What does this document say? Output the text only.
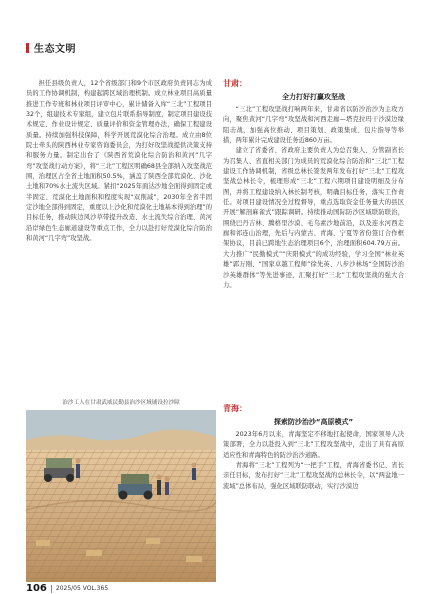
生态文明

担任县级负责人，12个省级部门和9个市区政府负责同志为成员的工作协调机制，构建起跨区域治理机制。成立林业项目高质量推进工作专班和林业项目评审中心，累计储备入库“三北”工程项目32个，组建技术专家组，建立包片联系指导制度，制定项目建设技术规定、作业设计规定、质量评价和资金管理办法，确保工程建设质量。持续加强科技保障，科学开展荒漠化综合治理。成立由8位院士牵头的陕西林业专家咨询委员会，为打好攻坚战提供决策支持和服务力量。制定出台了《陕西省荒漠化综合防治和黄河“几字弯”攻坚战行动方案》，将“三北”工程区明确68县全部纳入攻坚战范围，治理区占全省土地面积50.5%，涵盖了陕西全部荒漠化、沙化土地和70%水土流失区域。紧扣“2025年面达沙地全面得到固定或半固定、荒漠化土地面积和程度实现“双削减”，2030年全省半固定沙地全部得到固定，重度以上沙化和荒漠化土地基本得到治理”的目标任务，推动陕边风沙草带提升改造、水土流失综合治理、黄河沿岸绿色生态廊道建设等重点工作，全力以赴打好荒漠化综合防治和黄河“几字弯”攻坚战。

甘肃：
全力打好打赢攻坚战

“三北”工程攻坚战打响两年来，甘肃省以防沙治沙为主攻方向，聚焦黄河“几字弯”攻坚战和河西走廊—塔克拉玛干沙漠边缘阻击战，加强高位推动、项目策划、政策集成、包片指导等举措，两年累计完成建设任务近860万亩。

建立了省委省、省政府主要负责人为总召集人、分管副省长为召集人、省直相关部门为成员的荒漠化综合防治和“三北”工程建设工作协调机制，省级总林长签发两年发布打好“三北”工程攻坚战总林长令，梳理形成“三北”工程六期项目建设明细及分布图，并将工程建设纳入林长制考核，明确目标任务，落实工作责任。对项目建设情况全过程督导，重点选取资金任务量大的县区开展“解剖麻雀式”跟踪调研。持续推动国际防沙区域联防联治，围绕巴丹吉林、腾格里沙漠、毛乌素沙地前沿，以及连水河西走廊和祁连山治理，先后与内蒙古、青海、宁夏等省份签订合作框架协议，目前已跨地生态治理项目6个，治理面积604.79万亩。大力推广“民勤模式”“庆阳模式”的成功经验，学习全国“林业英雄”郭万刚、“国家卓越工程师”徐先英、八步沙林场“全国防沙治沙英雄群体”等先进事迹，汇聚打好“三北”工程攻坚战的强大合力。

青海：
探索防沙治沙“高原模式”

2023年6月以来，青海坚定不移地扛起使命，国家领导人决策部署，全力以赴投入到“三北”工程攻坚战中，走出了具有高原适应性和青海特色的防沙治沙道路。

青海将“三北”工程列为“一把手”工程，青海省委书记、省长亲任目标，发布打好“三北”工程攻坚战的总林长令，以“两盆地一流域”总体布局，强化区域联防联动，实行沙漠边

治沙工人在甘肃武威民勤县治沙区域铺设拉沙障
106 2025/05 VOL.365
